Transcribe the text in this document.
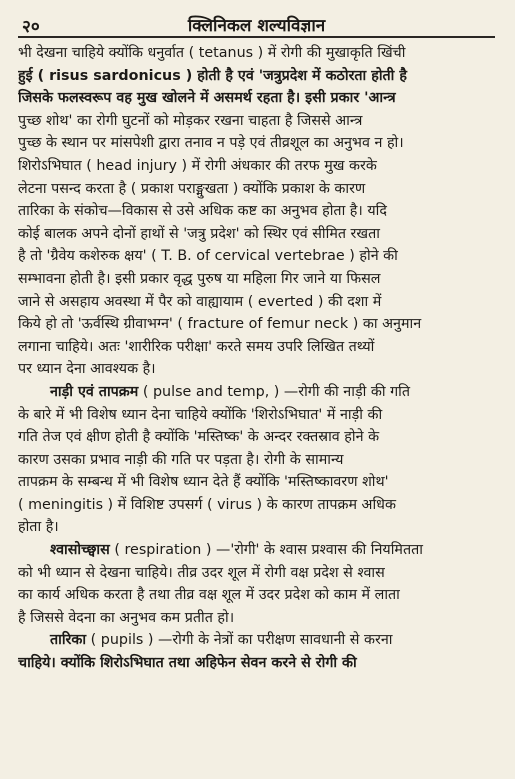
२०	क्लिनिकल शल्यविज्ञान
भी देखना चाहिये क्योंकि धनुर्वात ( tetanus ) में रोगी की मुखाकृति खिंची
हुई ( risus sardonicus ) होती है एवं 'जत्रुप्रदेश में कठोरता होती है
जिसके फलस्वरूप वह मुख खोलने में असमर्थ रहता है। इसी प्रकार 'आन्त्र
पुच्छ शोथ' का रोगी घुटनों को मोड़कर रखना चाहता है जिससे आन्त्र
पुच्छ के स्थान पर मांसपेशी द्वारा तनाव न पड़े एवं तीव्रशूल का अनुभव न हो।
शिरोऽभिघात ( head injury ) में रोगी अंधकार की तरफ मुख करके
लेटना पसन्द करता है ( प्रकाश पराङ्मुखता ) क्योंकि प्रकाश के कारण
तारिका के संकोच—विकास से उसे अधिक कष्ट का अनुभव होता है। यदि
कोई बालक अपने दोनों हाथों से 'जत्रु प्रदेश' को स्थिर एवं सीमित रखता
है तो 'ग्रैवेय कशेरुक क्षय' ( T. B. of cervical vertebrae ) होने की
सम्भावना होती है। इसी प्रकार वृद्ध पुरुष या महिला गिर जाने या फिसल
जाने से असहाय अवस्था में पैर को वाह्यायाम ( everted ) की दशा में
किये हो तो 'ऊर्वस्थि ग्रीवाभग्न' ( fracture of femur neck ) का अनुमान
लगाना चाहिये। अतः 'शारीरिक परीक्षा' करते समय उपरि लिखित तथ्यों
पर ध्यान देना आवश्यक है।
नाड़ी एवं तापक्रम ( pulse and temp, ) —रोगी की नाड़ी की गति
के बारे में भी विशेष ध्यान देना चाहिये क्योंकि 'शिरोऽभिघात' में नाड़ी की
गति तेज एवं क्षीण होती है क्योंकि 'मस्तिष्क' के अन्दर रक्तस्राव होने के
कारण उसका प्रभाव नाड़ी की गति पर पड़ता है। रोगी के सामान्य
तापक्रम के सम्बन्ध में भी विशेष ध्यान देते हैं क्योंकि 'मस्तिष्कावरण शोथ'
( meningitis ) में विशिष्ट उपसर्ग ( virus ) के कारण तापक्रम अधिक
होता है।
श्वासोच्छ्वास ( respiration ) —'रोगी' के श्वास प्रश्वास की नियमितता
को भी ध्यान से देखना चाहिये। तीव्र उदर शूल में रोगी वक्ष प्रदेश से श्वास
का कार्य अधिक करता है तथा तीव्र वक्ष शूल में उदर प्रदेश को काम में लाता
है जिससे वेदना का अनुभव कम प्रतीत हो।
तारिका ( pupils ) —रोगी के नेत्रों का परीक्षण सावधानी से करना
चाहिये। क्योंकि शिरोऽभिघात तथा अहिफेन सेवन करने से रोगी की
